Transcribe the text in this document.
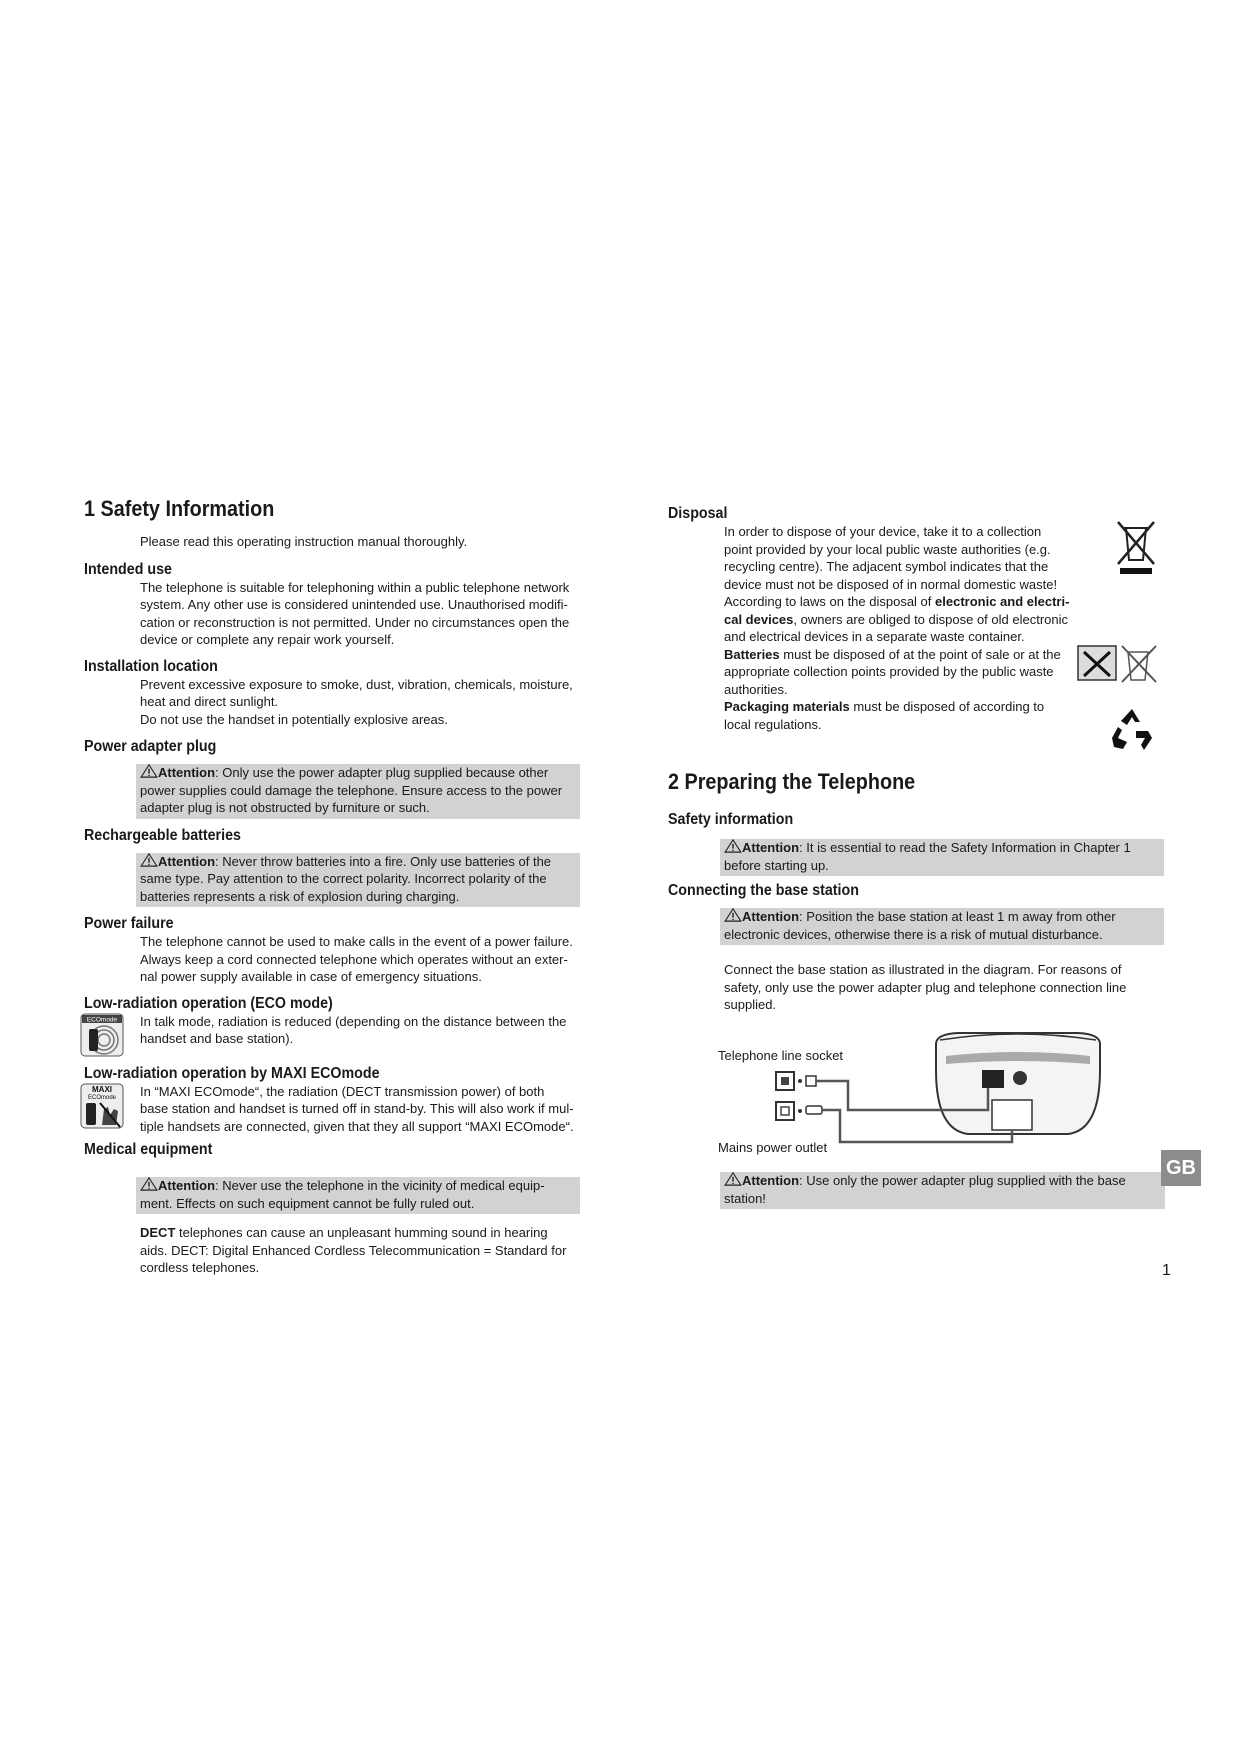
1 Safety Information

Please read this operating instruction manual thoroughly.

Intended use

The telephone is suitable for telephoning within a public telephone network

system. Any other use is considered unintended use. Unauthorised modifi-

cation or reconstruction is not permitted. Under no circumstances open the

device or complete any repair work yourself.

Installation location

Prevent excessive exposure to smoke, dust, vibration, chemicals, moisture,

heat and direct sunlight.

Do not use the handset in potentially explosive areas.

Power adapter plug

Attention: Only use the power adapter plug supplied because other

power supplies could damage the telephone. Ensure access to the power

adapter plug is not obstructed by furniture or such.

Rechargeable batteries

Attention: Never throw batteries into a fire. Only use batteries of the

same type. Pay attention to the correct polarity. Incorrect polarity of the

batteries represents a risk of explosion during charging.

Power failure

The telephone cannot be used to make calls in the event of a power failure.

Always keep a cord connected telephone which operates without an exter-

nal power supply available in case of emergency situations.

Low-radiation operation (ECO mode)
ECOmode In talk mode, radiation is reduced (depending on the distance between the

handset and base station).

Low-radiation operation by MAXI ECOmode
MAXI
ECOmode In “MAXI ECOmode“, the radiation (DECT transmission power) of both

base station and handset is turned off in stand-by. This will also work if mul-

tiple handsets are connected, given that they all support “MAXI ECOmode“.

Medical equipment

Attention: Never use the telephone in the vicinity of medical equip-

ment. Effects on such equipment cannot be fully ruled out.

DECT telephones can cause an unpleasant humming sound in hearing

aids. DECT: Digital Enhanced Cordless Telecommunication = Standard for

cordless telephones.

Disposal

In order to dispose of your device, take it to a collection

point provided by your local public waste authorities (e.g.

recycling centre). The adjacent symbol indicates that the

device must not be disposed of in normal domestic waste!

According to laws on the disposal of electronic and electri-

cal devices, owners are obliged to dispose of old electronic

and electrical devices in a separate waste container.

Batteries must be disposed of at the point of sale or at the

appropriate collection points provided by the public waste

authorities.

Packaging materials must be disposed of according to

local regulations.

2 Preparing the Telephone
Safety information

Attention: It is essential to read the Safety Information in Chapter 1

before starting up.

Connecting the base station

Attention: Position the base station at least 1 m away from other

electronic devices, otherwise there is a risk of mutual disturbance.

Connect the base station as illustrated in the diagram. For reasons of

safety, only use the power adapter plug and telephone connection line

supplied.

Telephone line socket
Mains power outlet

Attention: Use only the power adapter plug supplied with the base

station!

GB
1
